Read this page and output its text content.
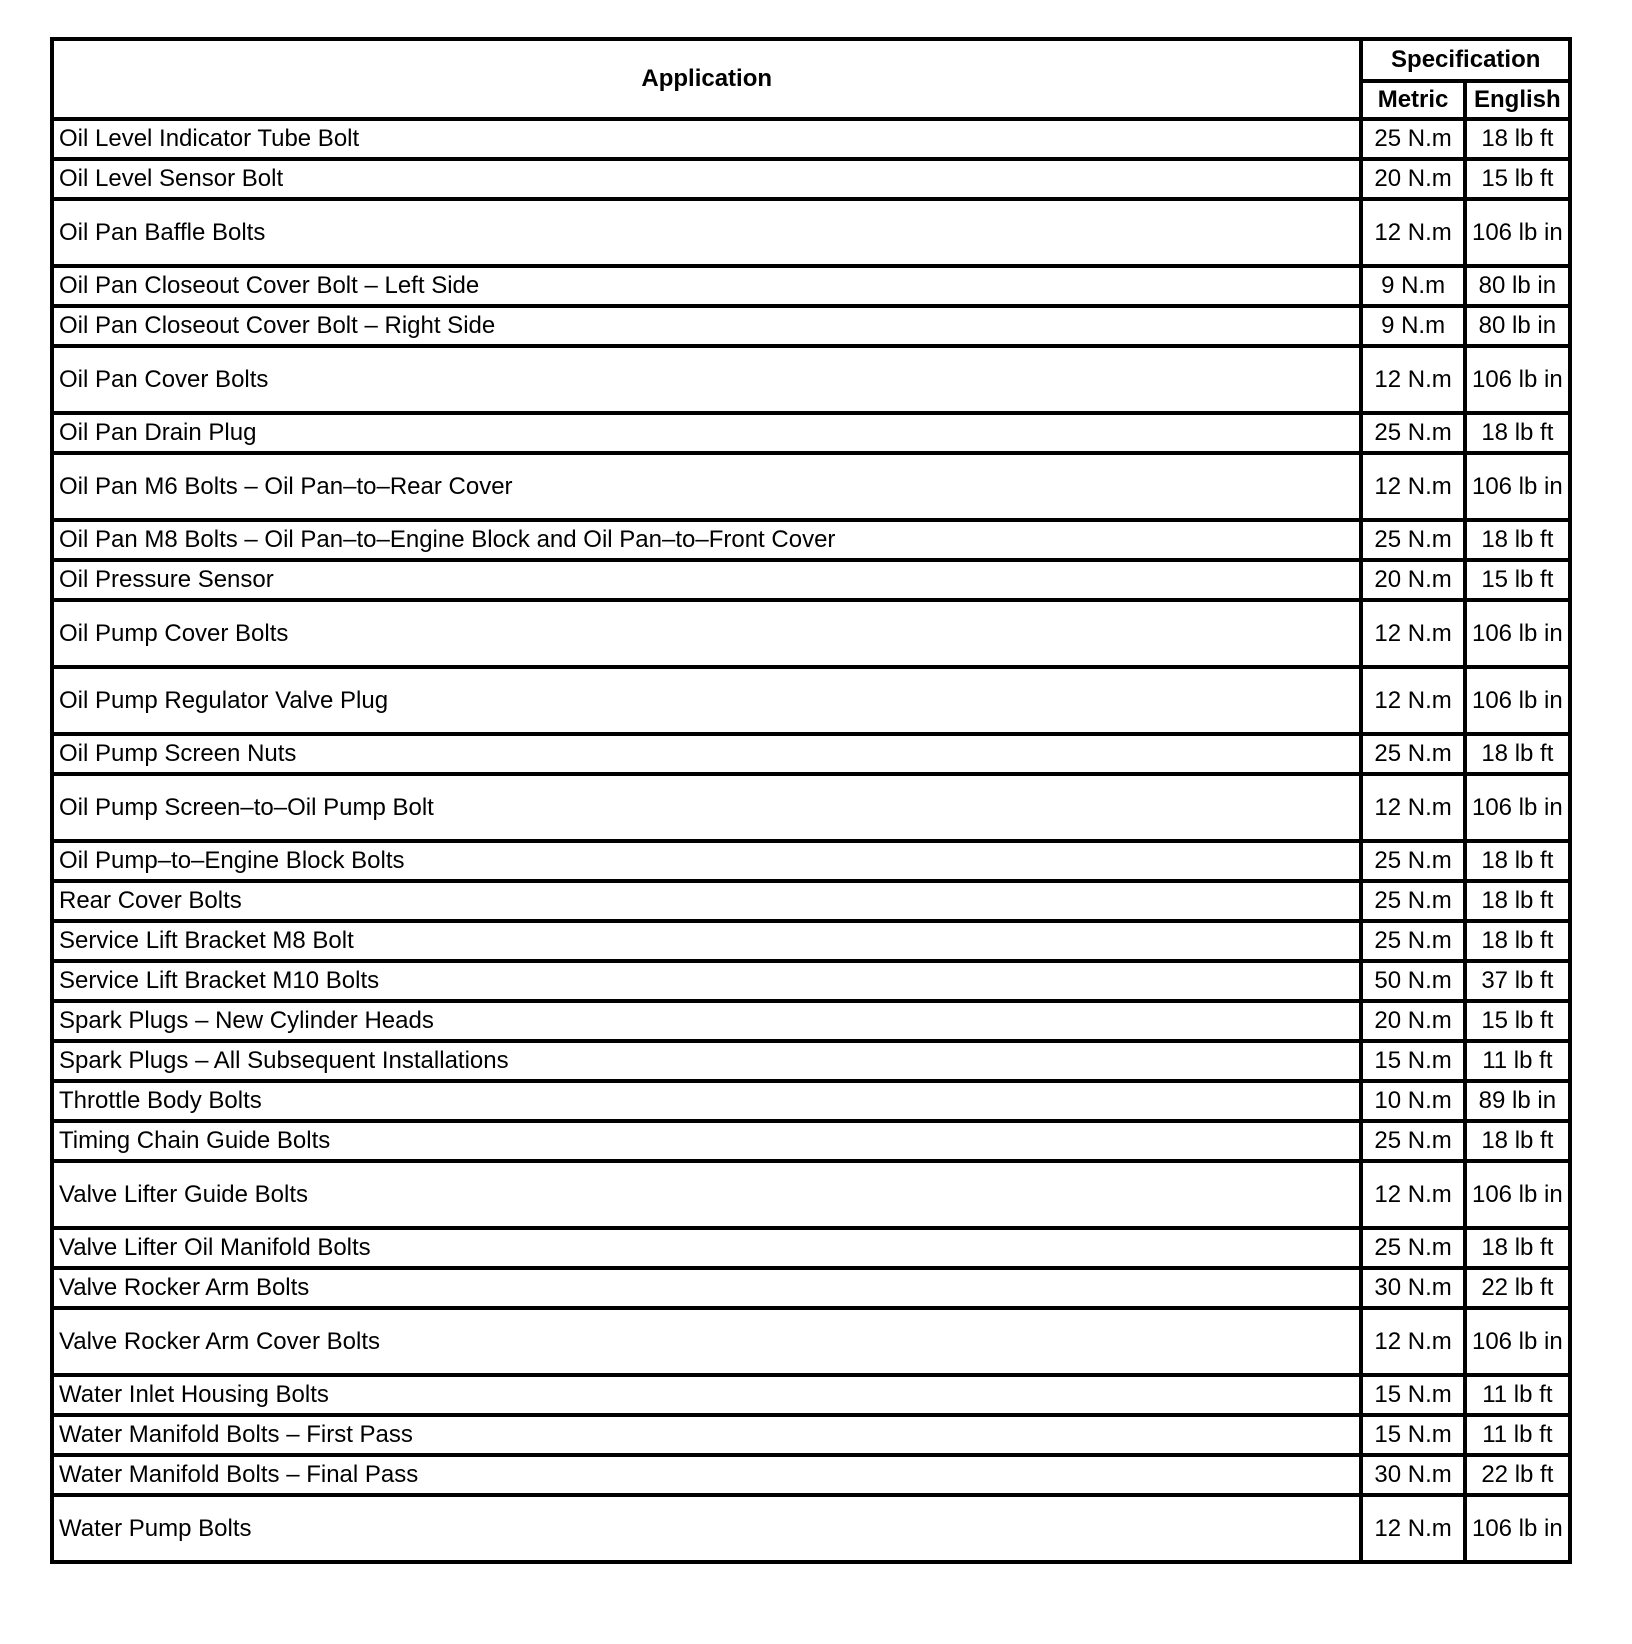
Application	Specification	
	Metric	English
Oil Level Indicator Tube Bolt	25 N.m	18 lb ft
Oil Level Sensor Bolt	20 N.m	15 lb ft
Oil Pan Baffle Bolts	12 N.m	106 lb in
Oil Pan Closeout Cover Bolt – Left Side	9 N.m	80 lb in
Oil Pan Closeout Cover Bolt – Right Side	9 N.m	80 lb in
Oil Pan Cover Bolts	12 N.m	106 lb in
Oil Pan Drain Plug	25 N.m	18 lb ft
Oil Pan M6 Bolts – Oil Pan–to–Rear Cover	12 N.m	106 lb in
Oil Pan M8 Bolts – Oil Pan–to–Engine Block and Oil Pan–to–Front Cover	25 N.m	18 lb ft
Oil Pressure Sensor	20 N.m	15 lb ft
Oil Pump Cover Bolts	12 N.m	106 lb in
Oil Pump Regulator Valve Plug	12 N.m	106 lb in
Oil Pump Screen Nuts	25 N.m	18 lb ft
Oil Pump Screen–to–Oil Pump Bolt	12 N.m	106 lb in
Oil Pump–to–Engine Block Bolts	25 N.m	18 lb ft
Rear Cover Bolts	25 N.m	18 lb ft
Service Lift Bracket M8 Bolt	25 N.m	18 lb ft
Service Lift Bracket M10 Bolts	50 N.m	37 lb ft
Spark Plugs – New Cylinder Heads	20 N.m	15 lb ft
Spark Plugs – All Subsequent Installations	15 N.m	11 lb ft
Throttle Body Bolts	10 N.m	89 lb in
Timing Chain Guide Bolts	25 N.m	18 lb ft
Valve Lifter Guide Bolts	12 N.m	106 lb in
Valve Lifter Oil Manifold Bolts	25 N.m	18 lb ft
Valve Rocker Arm Bolts	30 N.m	22 lb ft
Valve Rocker Arm Cover Bolts	12 N.m	106 lb in
Water Inlet Housing Bolts	15 N.m	11 lb ft
Water Manifold Bolts – First Pass	15 N.m	11 lb ft
Water Manifold Bolts – Final Pass	30 N.m	22 lb ft
Water Pump Bolts	12 N.m	106 lb in
